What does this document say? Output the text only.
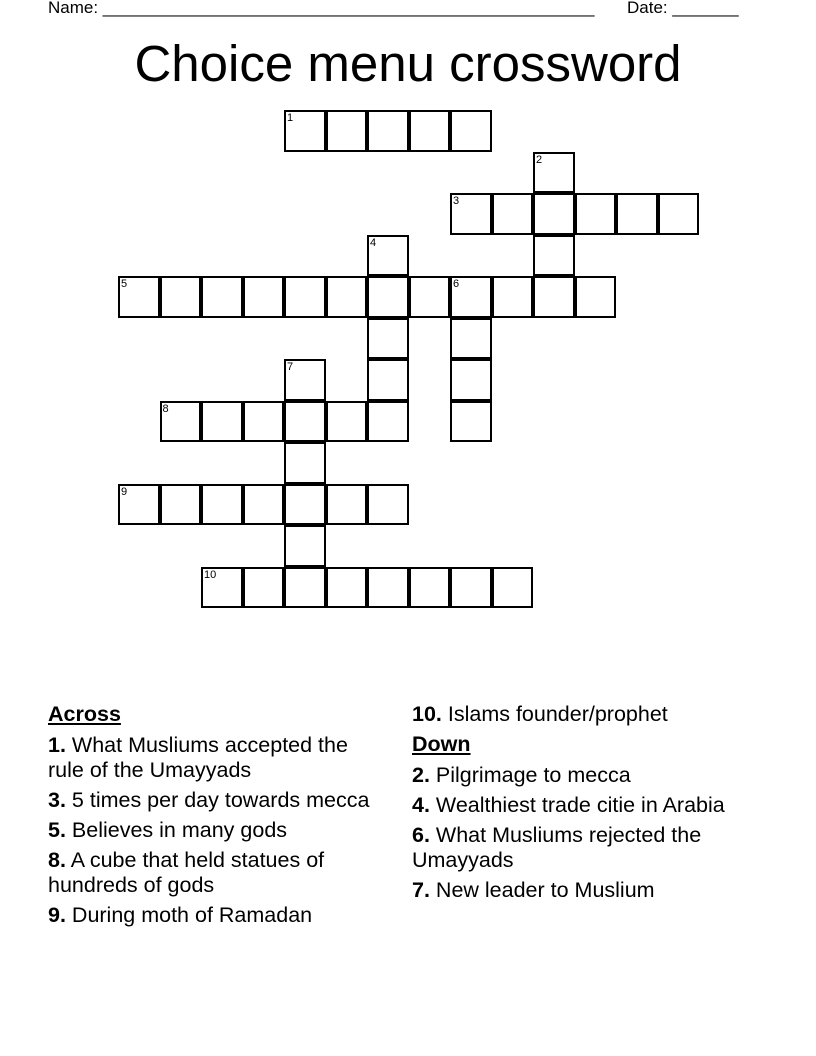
Name: ____________________________________________________ Date: _______
Choice menu crossword
1
2
3
4
5	6
7
8
9
10
Across
1. What Musliums accepted the rule of the Umayyads
3. 5 times per day towards mecca
5. Believes in many gods
8. A cube that held statues of hundreds of gods
9. During moth of Ramadan
10. Islams founder/prophet
Down
2. Pilgrimage to mecca
4. Wealthiest trade citie in Arabia
6. What Musliums rejected the Umayyads
7. New leader to Muslium
